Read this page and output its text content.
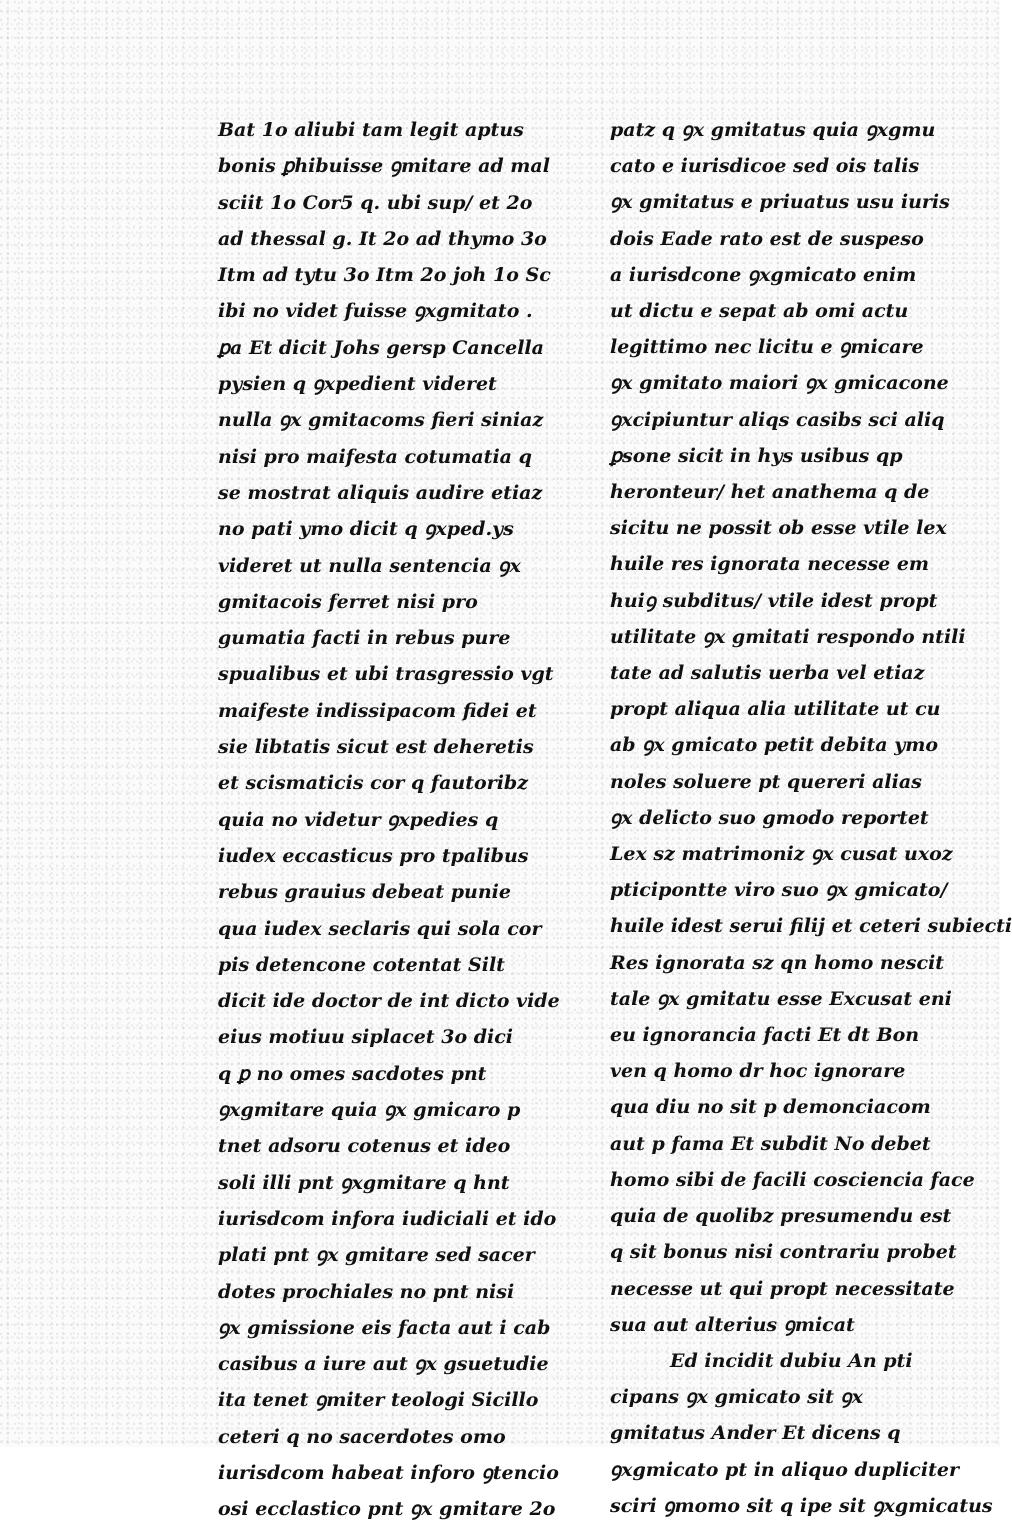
Bat 1o aliubi tam legit aptus
bonis ꝑhibuisse ꝯmitare ad mal
sciit 1o Cor5 q. ubi sup/ et 2o
ad thessal g. It 2o ad thymo 3o
Itm ad tytu 3o Itm 2o joh 1o Sc
ibi no videt fuisse ꝯxgmitato .
ꝑa Et dicit Johs gersp Cancella
pysien q ꝯxpedient videret
nulla ꝯx gmitacoms fieri siniaz
nisi pro maifesta cotumatia q
se mostrat aliquis audire etiaz
no pati ymo dicit q ꝯxped.ys
videret ut nulla sentencia ꝯx
gmitacois ferret nisi pro
gumatia facti in rebus pure
spualibus et ubi trasgressio vgt
maifeste indissipacom fidei et
sie libtatis sicut est deheretis
et scismaticis cor q fautoribz
quia no videtur ꝯxpedies q
iudex eccasticus pro tpalibus
rebus grauius debeat punie
qua iudex seclaris qui sola cor
pis detencone cotentat Silt
dicit ide doctor de int dicto vide
eius motiuu siplacet 3o dici
q ꝑ no omes sacdotes pnt
ꝯxgmitare quia ꝯx gmicaro p
tnet adsoru cotenus et ideo
soli illi pnt ꝯxgmitare q hnt
iurisdcom infora iudiciali et ido
plati pnt ꝯx gmitare sed sacer
dotes prochiales no pnt nisi
ꝯx gmissione eis facta aut i cab
casibus a iure aut ꝯx gsuetudie
ita tenet ꝯmiter teologi Sicillo
ceteri q no sacerdotes omo
iurisdcom habeat inforo ꝯtencio
osi ecclastico pnt ꝯx gmitare 2o
patz q ꝯx gmitatus quia ꝯxgmu
cato e iurisdicoe sed ois talis
ꝯx gmitatus e priuatus usu iuris
dois Eade rato est de suspeso
a iurisdcone ꝯxgmicato enim
ut dictu e sepat ab omi actu
legittimo nec licitu e ꝯmicare
ꝯx gmitato maiori ꝯx gmicacone
ꝯxcipiuntur aliqs casibs sci aliq
ꝑsone sicit in hys usibus qp
heronteur/ het anathema q de
sicitu ne possit ob esse vtile lex
huile res ignorata necesse em
huiꝯ subditus/ vtile idest propt
utilitate ꝯx gmitati respondo ntili
tate ad salutis uerba vel etiaz
propt aliqua alia utilitate ut cu
ab ꝯx gmicato petit debita ymo
noles soluere pt quereri alias
ꝯx delicto suo gmodo reportet
Lex sz matrimoniz ꝯx cusat uxoz
pticipontte viro suo ꝯx gmicato/
huile idest serui filij et ceteri subiecti
Res ignorata sz qn homo nescit
tale ꝯx gmitatu esse Excusat eni
eu ignorancia facti Et dt Bon
ven q homo dr hoc ignorare
qua diu no sit p demonciacom
aut p fama Et subdit No debet
homo sibi de facili cosciencia face
quia de quolibz presumendu est
q sit bonus nisi contrariu probet
necesse ut qui propt necessitate
sua aut alterius ꝯmicat
Ed incidit dubiu An pti
cipans ꝯx gmicato sit ꝯx
gmitatus Ander Et dicens q
ꝯxgmicato pt in aliquo dupliciter
sciri ꝯmomo sit q ipe sit ꝯxgmicatus
